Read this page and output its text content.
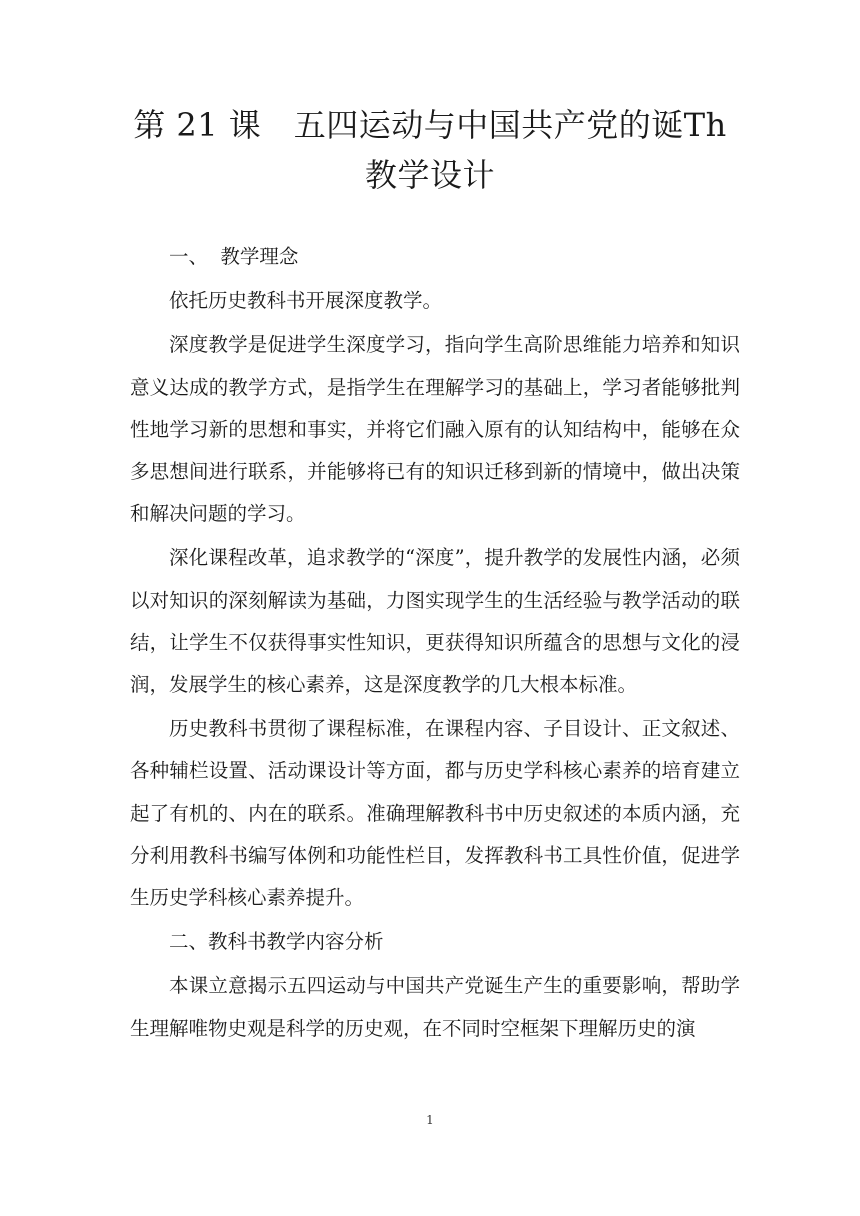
第 21 课　五四运动与中国共产党的诞Th
教学设计

一、  教学理念

依托历史教科书开展深度教学。

深度教学是促进学生深度学习，指向学生高阶思维能力培养和知识意义达成的教学方式，是指学生在理解学习的基础上，学习者能够批判性地学习新的思想和事实，并将它们融入原有的认知结构中，能够在众多思想间进行联系，并能够将已有的知识迁移到新的情境中，做出决策和解决问题的学习。

深化课程改革，追求教学的“深度”，提升教学的发展性内涵，必须以对知识的深刻解读为基础，力图实现学生的生活经验与教学活动的联结，让学生不仅获得事实性知识，更获得知识所蕴含的思想与文化的浸润，发展学生的核心素养，这是深度教学的几大根本标准。

历史教科书贯彻了课程标准，在课程内容、子目设计、正文叙述、各种辅栏设置、活动课设计等方面，都与历史学科核心素养的培育建立起了有机的、内在的联系。准确理解教科书中历史叙述的本质内涵，充分利用教科书编写体例和功能性栏目，发挥教科书工具性价值，促进学生历史学科核心素养提升。

二、教科书教学内容分析

本课立意揭示五四运动与中国共产党诞生产生的重要影响，帮助学生理解唯物史观是科学的历史观，在不同时空框架下理解历史的演

1
